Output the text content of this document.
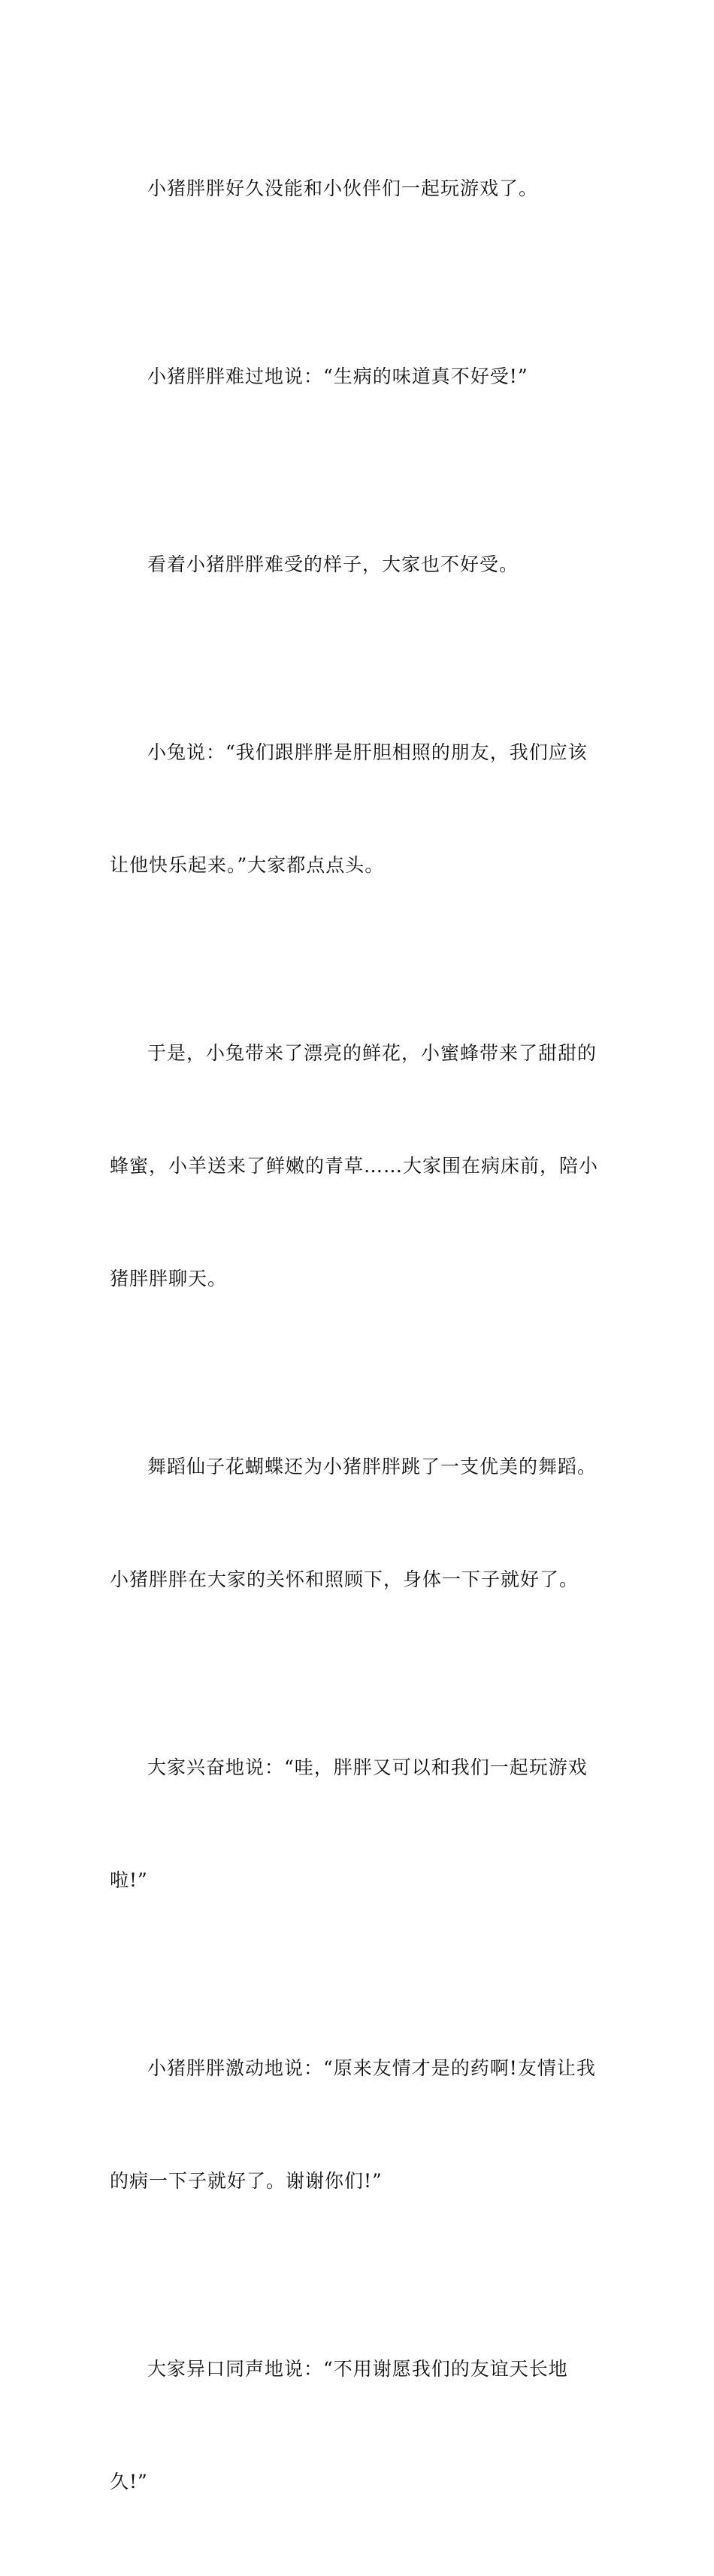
小猪胖胖好久没能和小伙伴们一起玩游戏了。

小猪胖胖难过地说：“生病的味道真不好受!”

看着小猪胖胖难受的样子，大家也不好受。

小兔说：“我们跟胖胖是肝胆相照的朋友，我们应该

让他快乐起来。”大家都点点头。

于是，小兔带来了漂亮的鲜花，小蜜蜂带来了甜甜的

蜂蜜，小羊送来了鲜嫩的青草……大家围在病床前，陪小

猪胖胖聊天。

舞蹈仙子花蝴蝶还为小猪胖胖跳了一支优美的舞蹈。

小猪胖胖在大家的关怀和照顾下，身体一下子就好了。

大家兴奋地说：“哇，胖胖又可以和我们一起玩游戏

啦!”

小猪胖胖激动地说：“原来友情才是的药啊!友情让我

的病一下子就好了。谢谢你们!”

大家异口同声地说：“不用谢愿我们的友谊天长地

久!”
